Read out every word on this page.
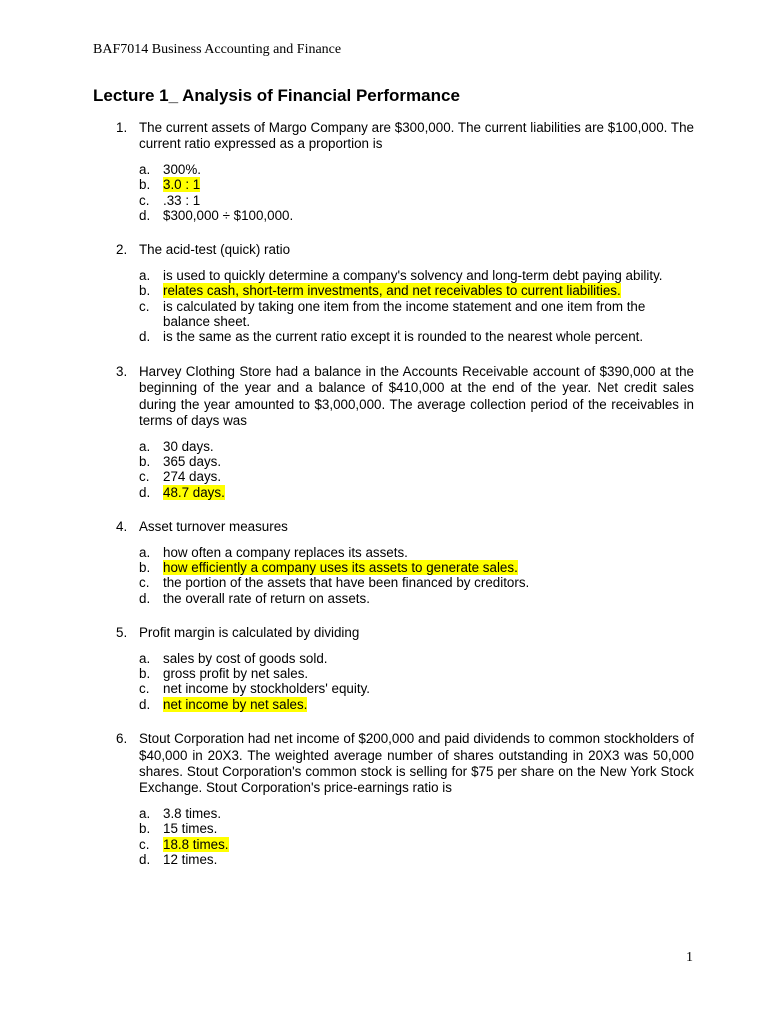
BAF7014 Business Accounting and Finance
Lecture 1_ Analysis of Financial Performance
1. The current assets of Margo Company are $300,000. The current liabilities are $100,000. The current ratio expressed as a proportion is
a. 300%.
b. 3.0 : 1
c. .33 : 1
d. $300,000 ÷ $100,000.
2. The acid-test (quick) ratio
a. is used to quickly determine a company's solvency and long-term debt paying ability.
b. relates cash, short-term investments, and net receivables to current liabilities.
c. is calculated by taking one item from the income statement and one item from the balance sheet.
d. is the same as the current ratio except it is rounded to the nearest whole percent.
3. Harvey Clothing Store had a balance in the Accounts Receivable account of $390,000 at the beginning of the year and a balance of $410,000 at the end of the year. Net credit sales during the year amounted to $3,000,000. The average collection period of the receivables in terms of days was
a. 30 days.
b. 365 days.
c. 274 days.
d. 48.7 days.
4. Asset turnover measures
a. how often a company replaces its assets.
b. how efficiently a company uses its assets to generate sales.
c. the portion of the assets that have been financed by creditors.
d. the overall rate of return on assets.
5. Profit margin is calculated by dividing
a. sales by cost of goods sold.
b. gross profit by net sales.
c. net income by stockholders' equity.
d. net income by net sales.
6. Stout Corporation had net income of $200,000 and paid dividends to common stockholders of $40,000 in 20X3. The weighted average number of shares outstanding in 20X3 was 50,000 shares. Stout Corporation's common stock is selling for $75 per share on the New York Stock Exchange. Stout Corporation's price-earnings ratio is
a. 3.8 times.
b. 15 times.
c. 18.8 times.
d. 12 times.
1
